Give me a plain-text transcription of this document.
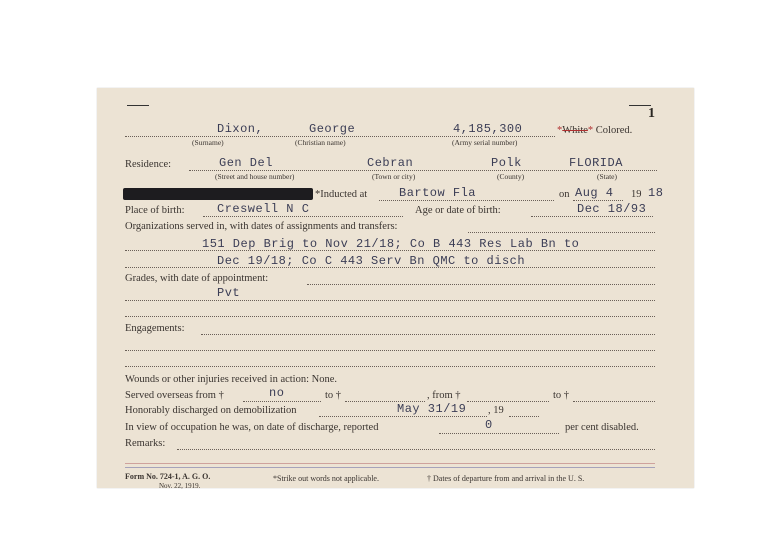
1
Dixon,	George	4,185,300	*White* Colored.
(Surname)	(Christian name)	(Army serial number)
Residence:	Gen Del	Cebran	Polk	FLORIDA
(Street and house number)	(Town or city)	(County)	(State)
*Inducted at	Bartow Fla	on Aug 4 19 18
Place of birth:	Creswell N C	Age or date of birth:	Dec 18/93
Organizations served in, with dates of assignments and transfers:
151 Dep Brig to Nov 21/18; Co B 443 Res Lab Bn to
Dec 19/18; Co C 443 Serv Bn QMC to disch
Grades, with date of appointment:
Pvt
Engagements:
Wounds or other injuries received in action: None.
Served overseas from †	no	to †	, from †	to †
Honorably discharged on demobilization	May 31/19 , 19
In view of occupation he was, on date of discharge, reported	0	per cent disabled.
Remarks:
Form No. 724-1, A. G. O.
Nov. 22, 1919.
*Strike out words not applicable.	† Dates of departure from and arrival in the U. S.
